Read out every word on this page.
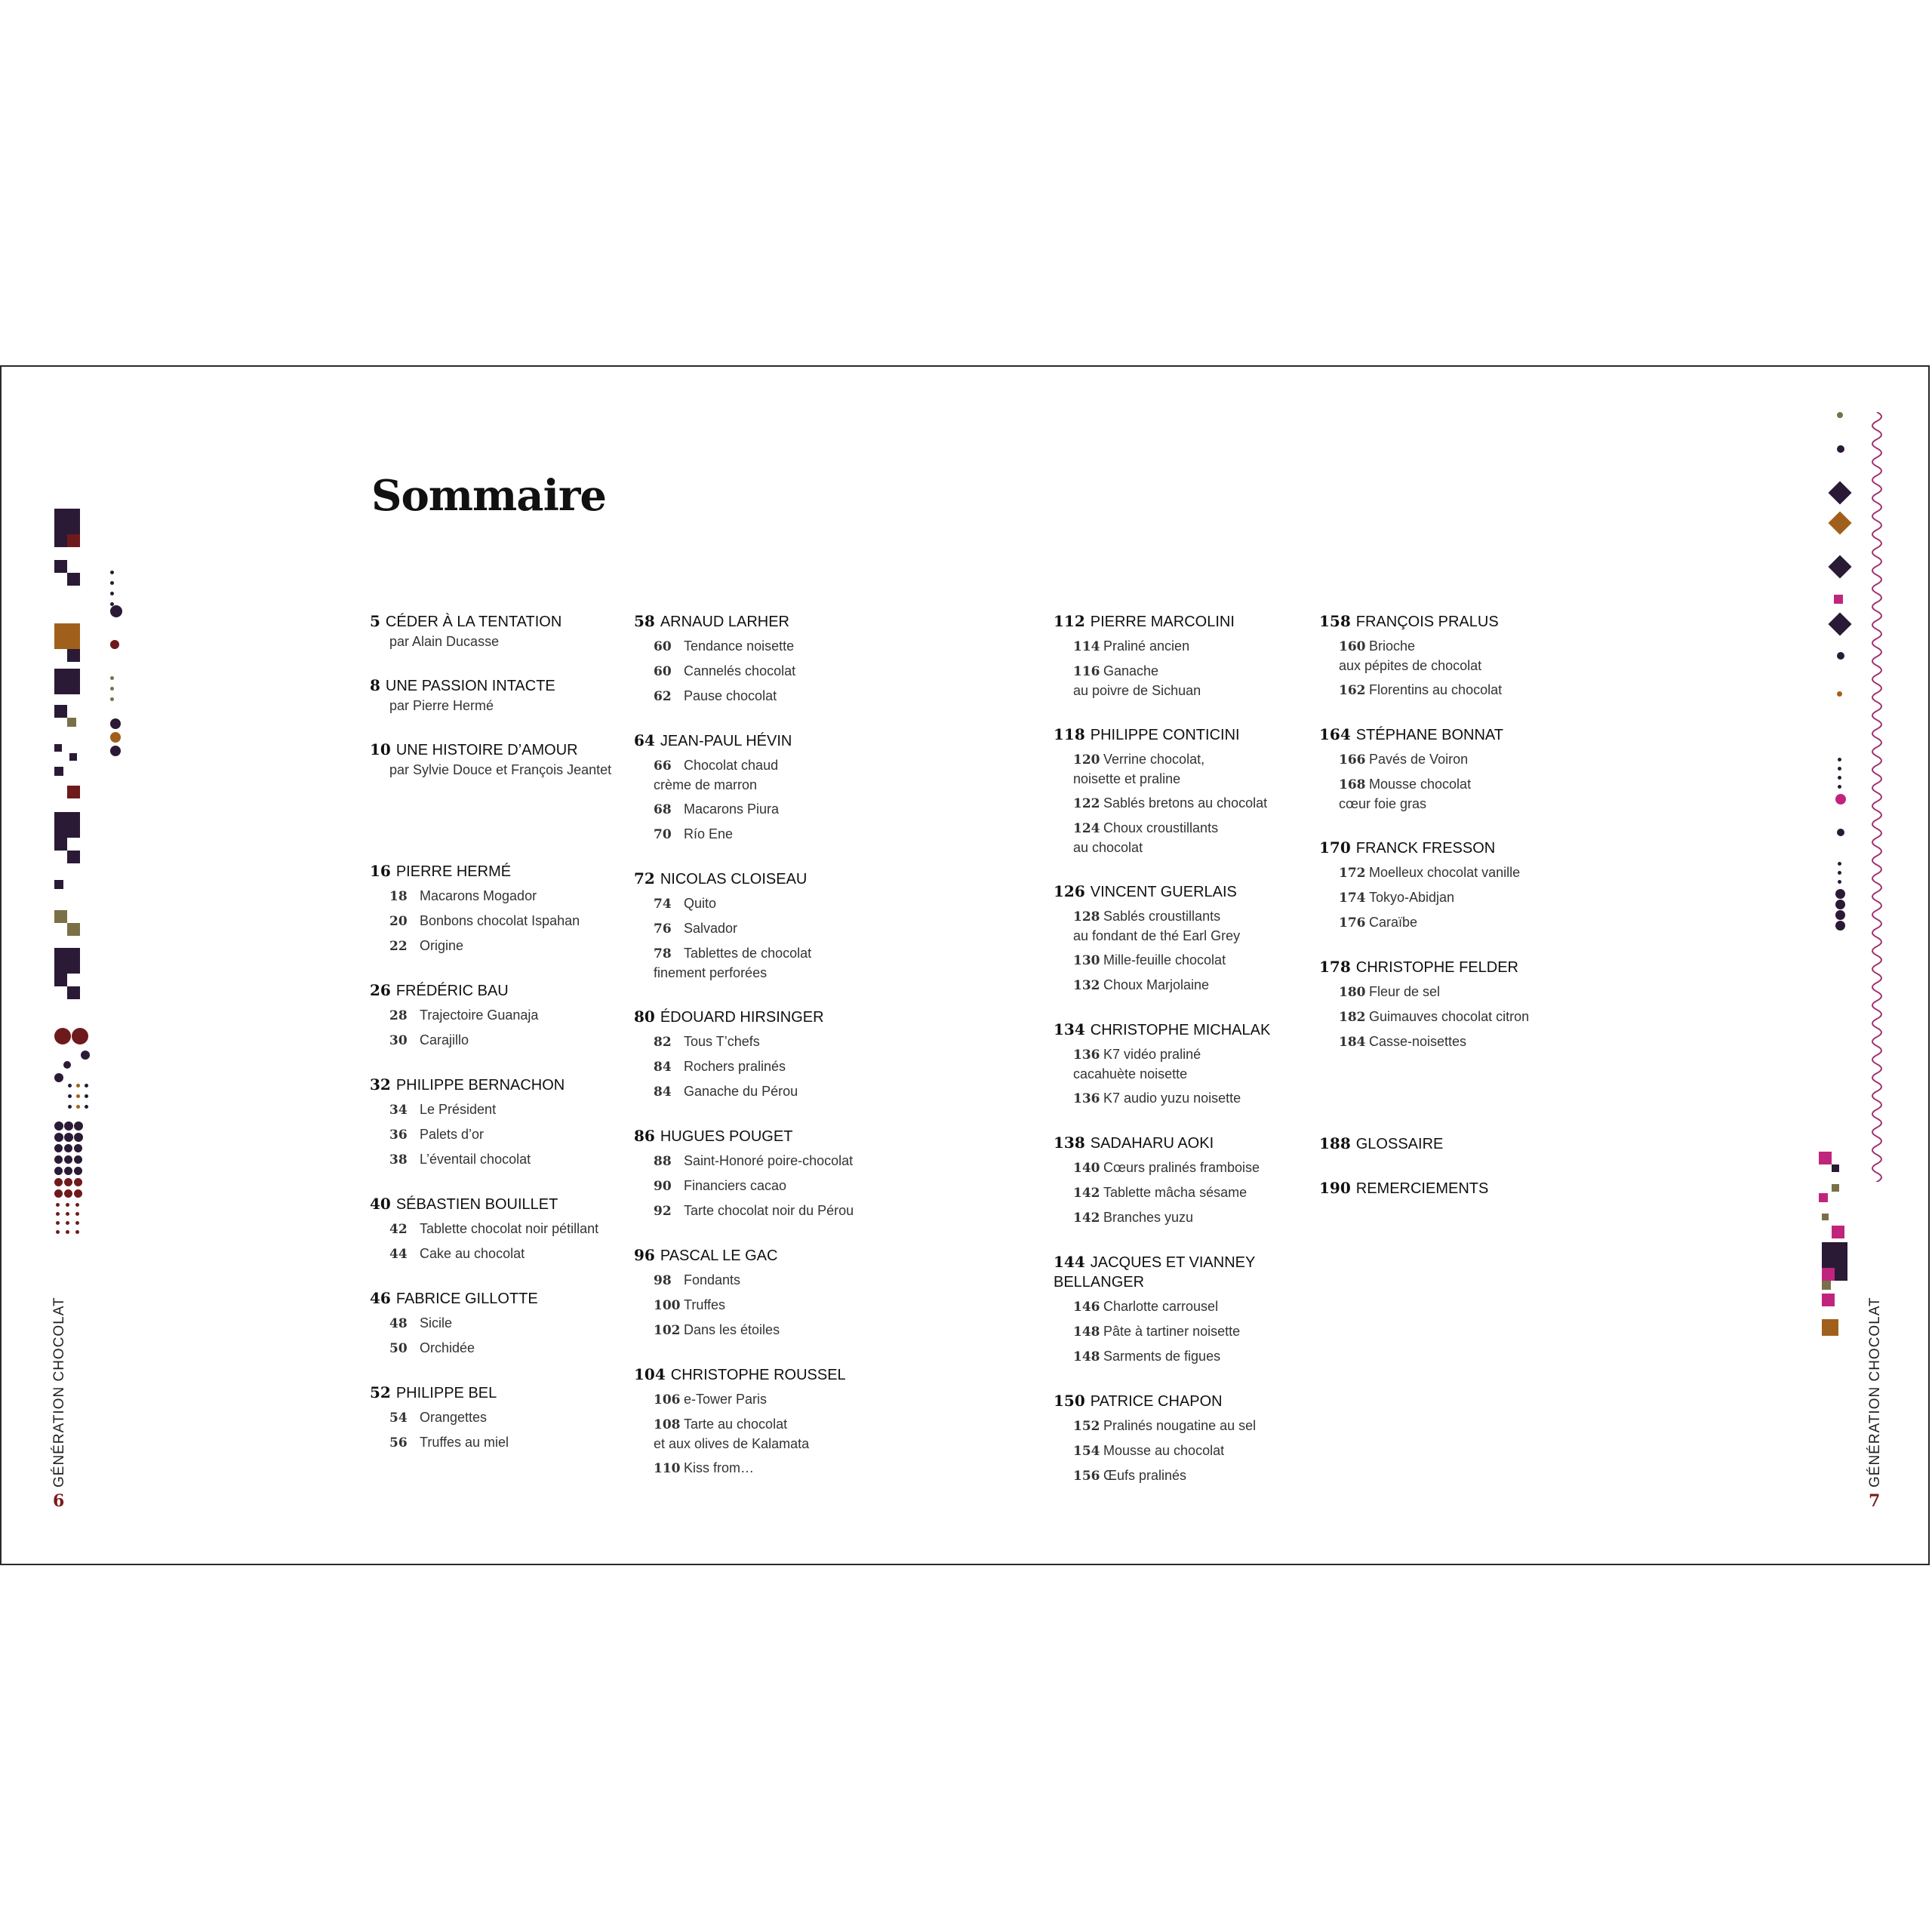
Sommaire
5 CÉDER À LA TENTATION
par Alain Ducasse
8 UNE PASSION INTACTE
par Pierre Hermé
10 UNE HISTOIRE D’AMOUR
par Sylvie Douce et François Jeantet
16 PIERRE HERMÉ
18 Macarons Mogador
20 Bonbons chocolat Ispahan
22 Origine
26 FRÉDÉRIC BAU
28 Trajectoire Guanaja
30 Carajillo
32 PHILIPPE BERNACHON
34 Le Président
36 Palets d’or
38 L’éventail chocolat
40 SÉBASTIEN BOUILLET
42 Tablette chocolat noir pétillant
44 Cake au chocolat
46 FABRICE GILLOTTE
48 Sicile
50 Orchidée
52 PHILIPPE BEL
54 Orangettes
56 Truffes au miel
58 ARNAUD LARHER
60 Tendance noisette
60 Cannelés chocolat
62 Pause chocolat
64 JEAN-PAUL HÉVIN
66 Chocolat chaud
crème de marron
68 Macarons Piura
70 Río Ene
72 NICOLAS CLOISEAU
74 Quito
76 Salvador
78 Tablettes de chocolat
finement perforées
80 ÉDOUARD HIRSINGER
82 Tous T’chefs
84 Rochers pralinés
84 Ganache du Pérou
86 HUGUES POUGET
88 Saint-Honoré poire-chocolat
90 Financiers cacao
92 Tarte chocolat noir du Pérou
96 PASCAL LE GAC
98 Fondants
100 Truffes
102 Dans les étoiles
104 CHRISTOPHE ROUSSEL
106 e-Tower Paris
108 Tarte au chocolat
et aux olives de Kalamata
110 Kiss from…
112 PIERRE MARCOLINI
114 Praliné ancien
116 Ganache
au poivre de Sichuan
118 PHILIPPE CONTICINI
120 Verrine chocolat,
noisette et praline
122 Sablés bretons au chocolat
124 Choux croustillants
au chocolat
126 VINCENT GUERLAIS
128 Sablés croustillants
au fondant de thé Earl Grey
130 Mille-feuille chocolat
132 Choux Marjolaine
134 CHRISTOPHE MICHALAK
136 K7 vidéo praliné
cacahuète noisette
136 K7 audio yuzu noisette
138 SADAHARU AOKI
140 Cœurs pralinés framboise
142 Tablette mâcha sésame
142 Branches yuzu
144 JACQUES ET VIANNEY
BELLANGER
146 Charlotte carrousel
148 Pâte à tartiner noisette
148 Sarments de figues
150 PATRICE CHAPON
152 Pralinés nougatine au sel
154 Mousse au chocolat
156 Œufs pralinés
158 FRANÇOIS PRALUS
160 Brioche
aux pépites de chocolat
162 Florentins au chocolat
164 STÉPHANE BONNAT
166 Pavés de Voiron
168 Mousse chocolat
cœur foie gras
170 FRANCK FRESSON
172 Moelleux chocolat vanille
174 Tokyo-Abidjan
176 Caraïbe
178 CHRISTOPHE FELDER
180 Fleur de sel
182 Guimauves chocolat citron
184 Casse-noisettes
188 GLOSSAIRE
190 REMERCIEMENTS
GÉNÉRATION CHOCOLAT
6
GÉNÉRATION CHOCOLAT
7
